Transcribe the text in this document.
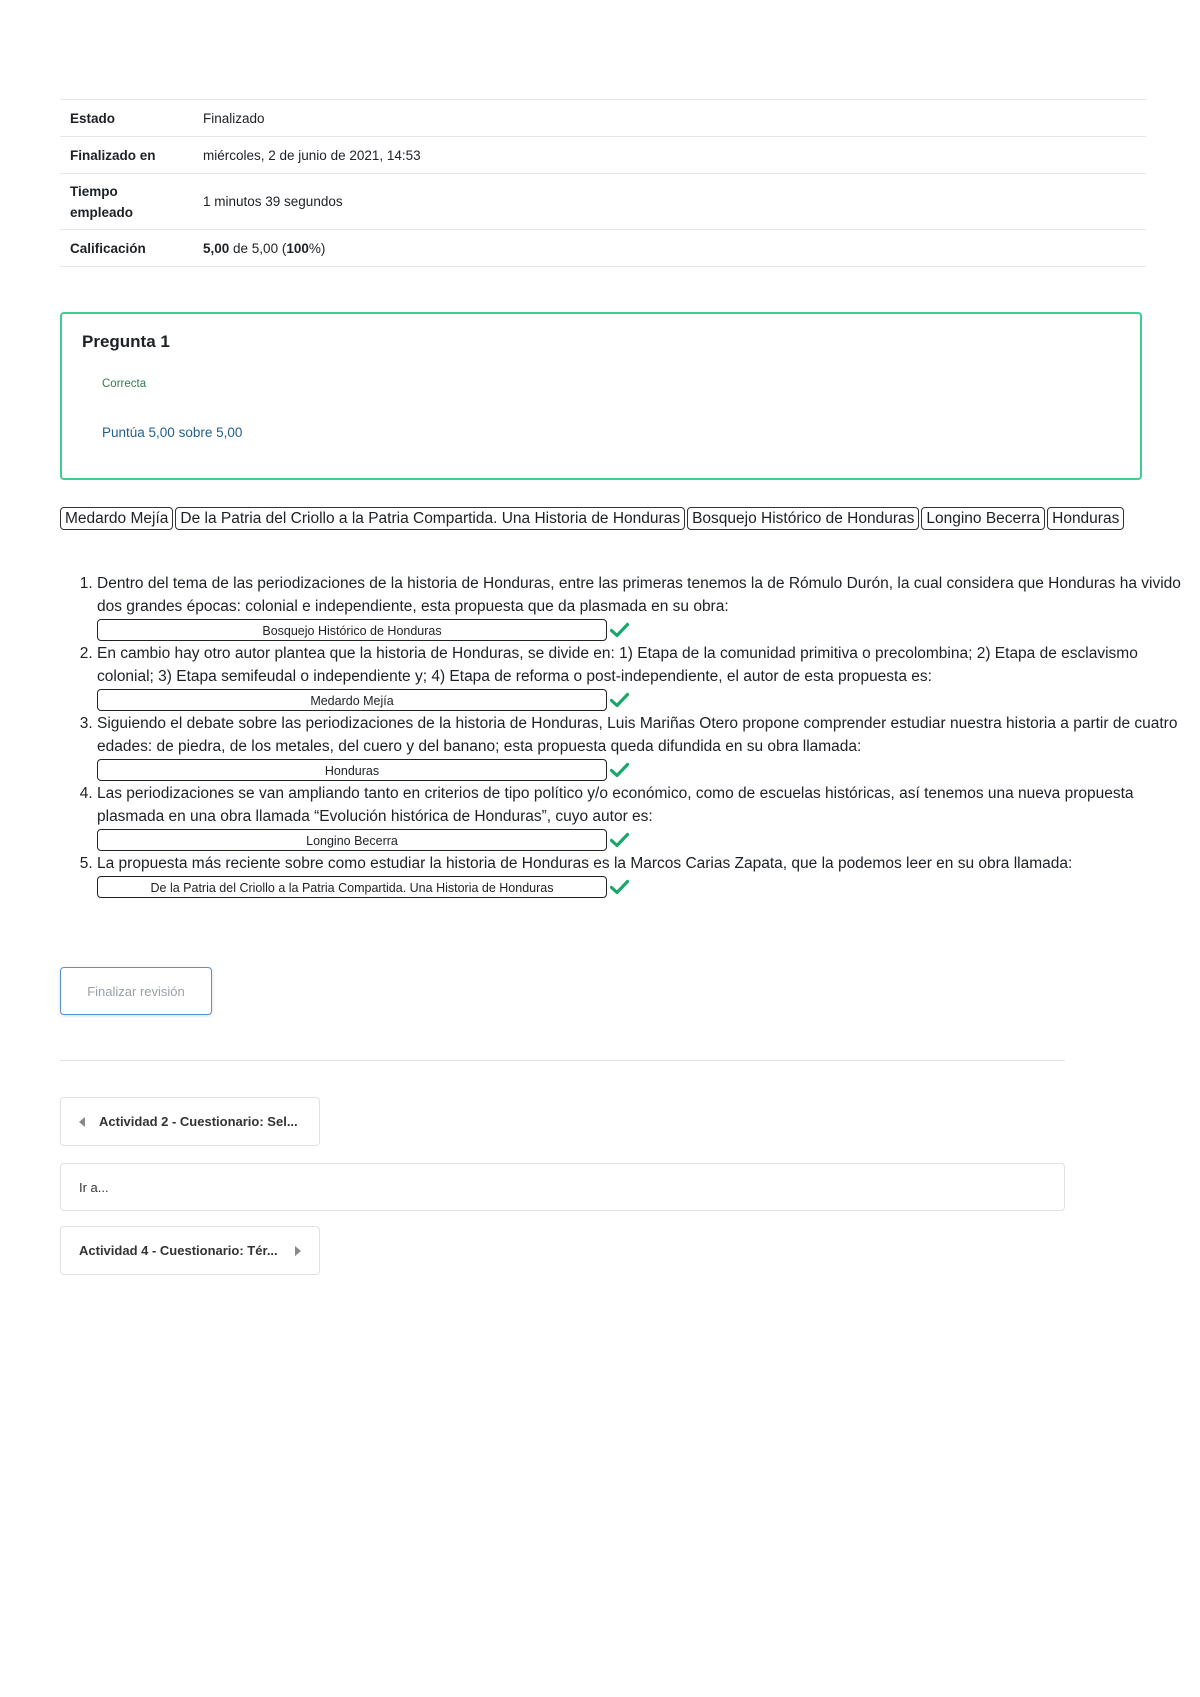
Estado	Finalizado
Finalizado en	miércoles, 2 de junio de 2021, 14:53
Tiempo empleado	1 minutos 39 segundos
Calificación	5,00 de 5,00 (100%)
Pregunta 1
Correcta
Puntúa 5,00 sobre 5,00
Medardo Mejía De la Patria del Criollo a la Patria Compartida. Una Historia de Honduras Bosquejo Histórico de Honduras Longino Becerra Honduras
1. Dentro del tema de las periodizaciones de la historia de Honduras, entre las primeras tenemos la de Rómulo Durón, la cual considera que Honduras ha vivido dos grandes épocas: colonial e independiente, esta propuesta que da plasmada en su obra:
Bosquejo Histórico de Honduras
2. En cambio hay otro autor plantea que la historia de Honduras, se divide en: 1) Etapa de la comunidad primitiva o precolombina; 2) Etapa de esclavismo colonial; 3) Etapa semifeudal o independiente y; 4) Etapa de reforma o post-independiente, el autor de esta propuesta es:
Medardo Mejía
3. Siguiendo el debate sobre las periodizaciones de la historia de Honduras, Luis Mariñas Otero propone comprender estudiar nuestra historia a partir de cuatro edades: de piedra, de los metales, del cuero y del banano; esta propuesta queda difundida en su obra llamada:
Honduras
4. Las periodizaciones se van ampliando tanto en criterios de tipo político y/o económico, como de escuelas históricas, así tenemos una nueva propuesta plasmada en una obra llamada “Evolución histórica de Honduras”, cuyo autor es:
Longino Becerra
5. La propuesta más reciente sobre como estudiar la historia de Honduras es la Marcos Carias Zapata, que la podemos leer en su obra llamada: De la Patria del Criollo a la Patria Compartida. Una Historia de Honduras
Finalizar revisión
Actividad 2 - Cuestionario: Sel...
Ir a...
Actividad 4 - Cuestionario: Tér...
